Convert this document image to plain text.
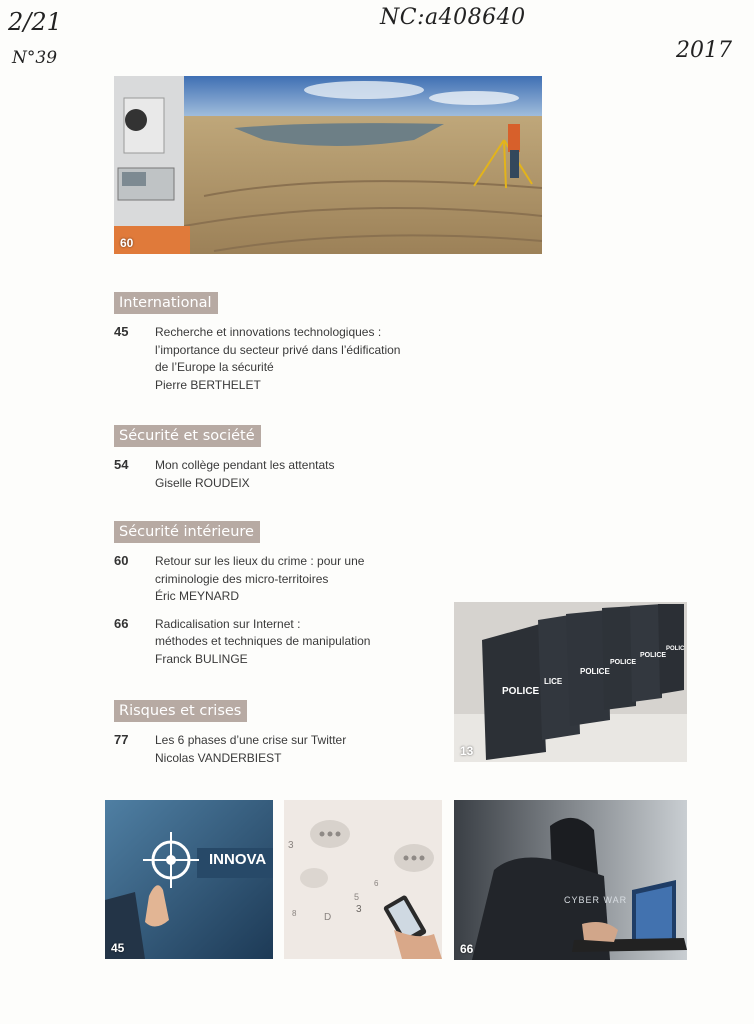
2/21
N°39
NC:a408640
2017
60
International
45	Recherche et innovations technologiques :
l’importance du secteur privé dans l’édification
de l’Europe la sécurité
Pierre BERTHELET
Sécurité et société
54	Mon collège pendant les attentats
Giselle ROUDEIX
Sécurité intérieure
60	Retour sur les lieux du crime : pour une
criminologie des micro-territoires
Éric MEYNARD
66	Radicalisation sur Internet :
méthodes et techniques de manipulation
Franck BULINGE
Risques et crises
77	Les 6 phases d’une crise sur Twitter
Nicolas VANDERBIEST
POLICE
LICE
POLICE
POLICE
POLICE
POLIC
13
INNOVA
45
3
5
3
D
8
6
CYBER WAR
66
